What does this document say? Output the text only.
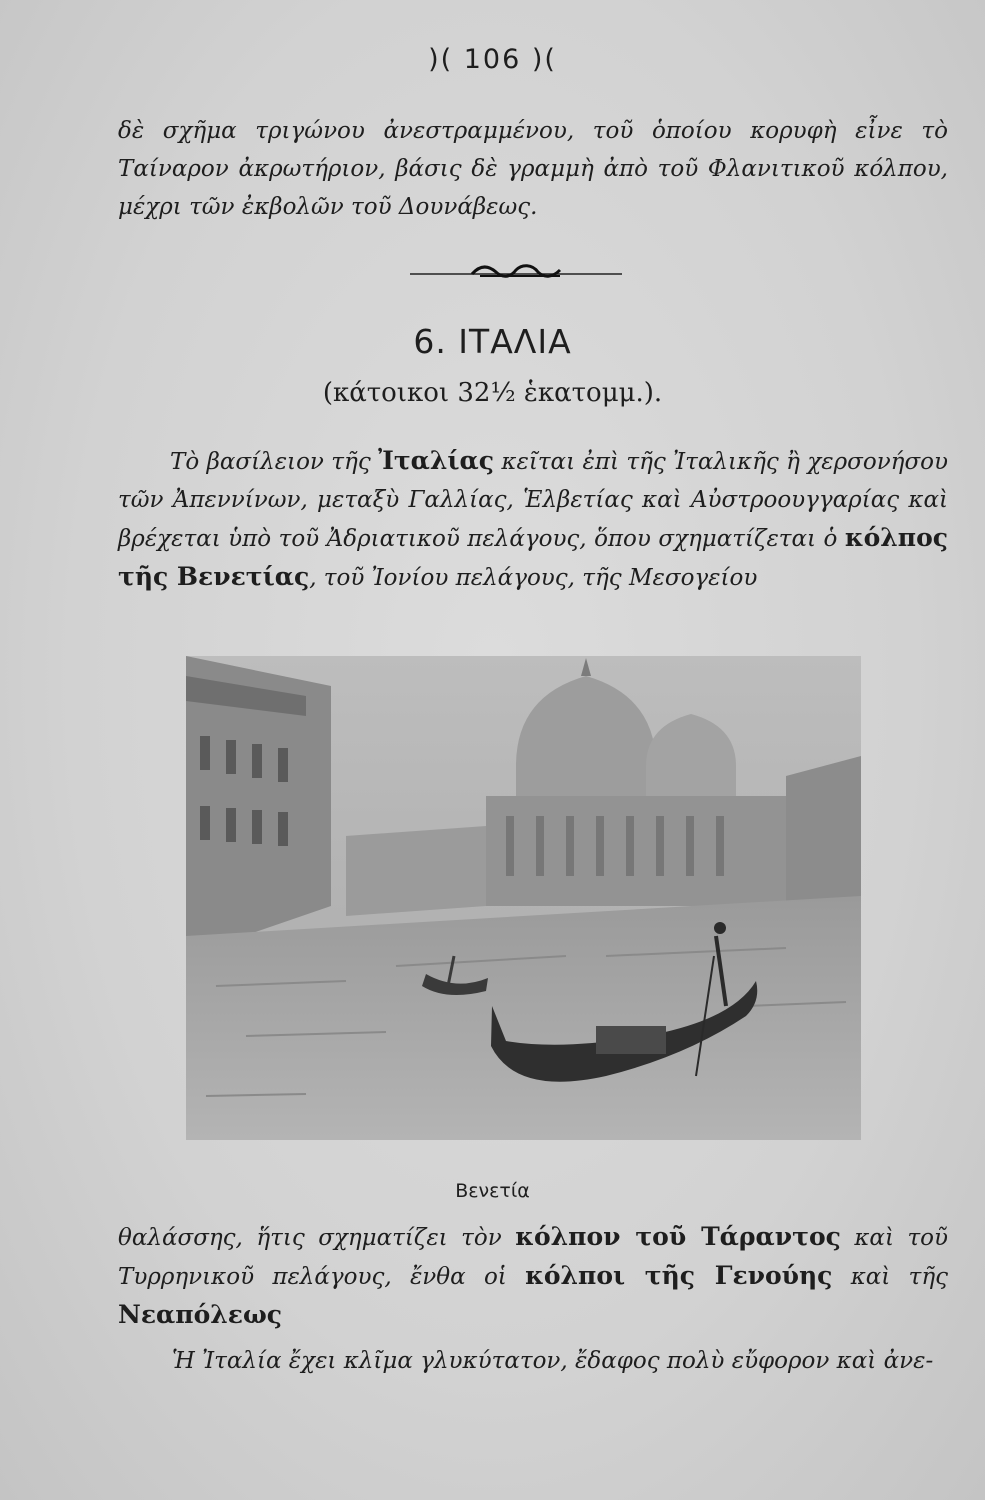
)( 106 )(

δὲ σχῆμα τριγώνου ἀνεστραμμένου, τοῦ ὁποίου κορυφὴ εἶνε τὸ Ταίναρον ἀκρωτήριον, βάσις δὲ γραμμὴ ἀπὸ τοῦ Φλανιτικοῦ κόλπου, μέχρι τῶν ἐκβολῶν τοῦ Δουνάβεως.

6. ΙΤΑΛΙΑ
(κάτοικοι 32½ ἑκατομμ.).

Τὸ βασίλειον τῆς Ἰταλίας κεῖται ἐπὶ τῆς Ἰταλικῆς ἢ χερσονήσου τῶν Ἀπεννίνων, μεταξὺ Γαλλίας, Ἑλβετίας καὶ Αὐστροουγγαρίας καὶ βρέχεται ὑπὸ τοῦ Ἀδριατικοῦ πελάγους, ὅπου σχηματίζεται ὁ κόλπος τῆς Βενετίας, τοῦ Ἰονίου πελάγους, τῆς Μεσογείου

Βενετία

θαλάσσης, ἥτις σχηματίζει τὸν κόλπον τοῦ Τάραντος καὶ τοῦ Τυρρηνικοῦ πελάγους, ἔνθα οἱ κόλποι τῆς Γενούης καὶ τῆς Νεαπόλεως

Ἡ Ἰταλία ἔχει κλῖμα γλυκύτατον, ἔδαφος πολὺ εὔφορον καὶ ἀνε-
